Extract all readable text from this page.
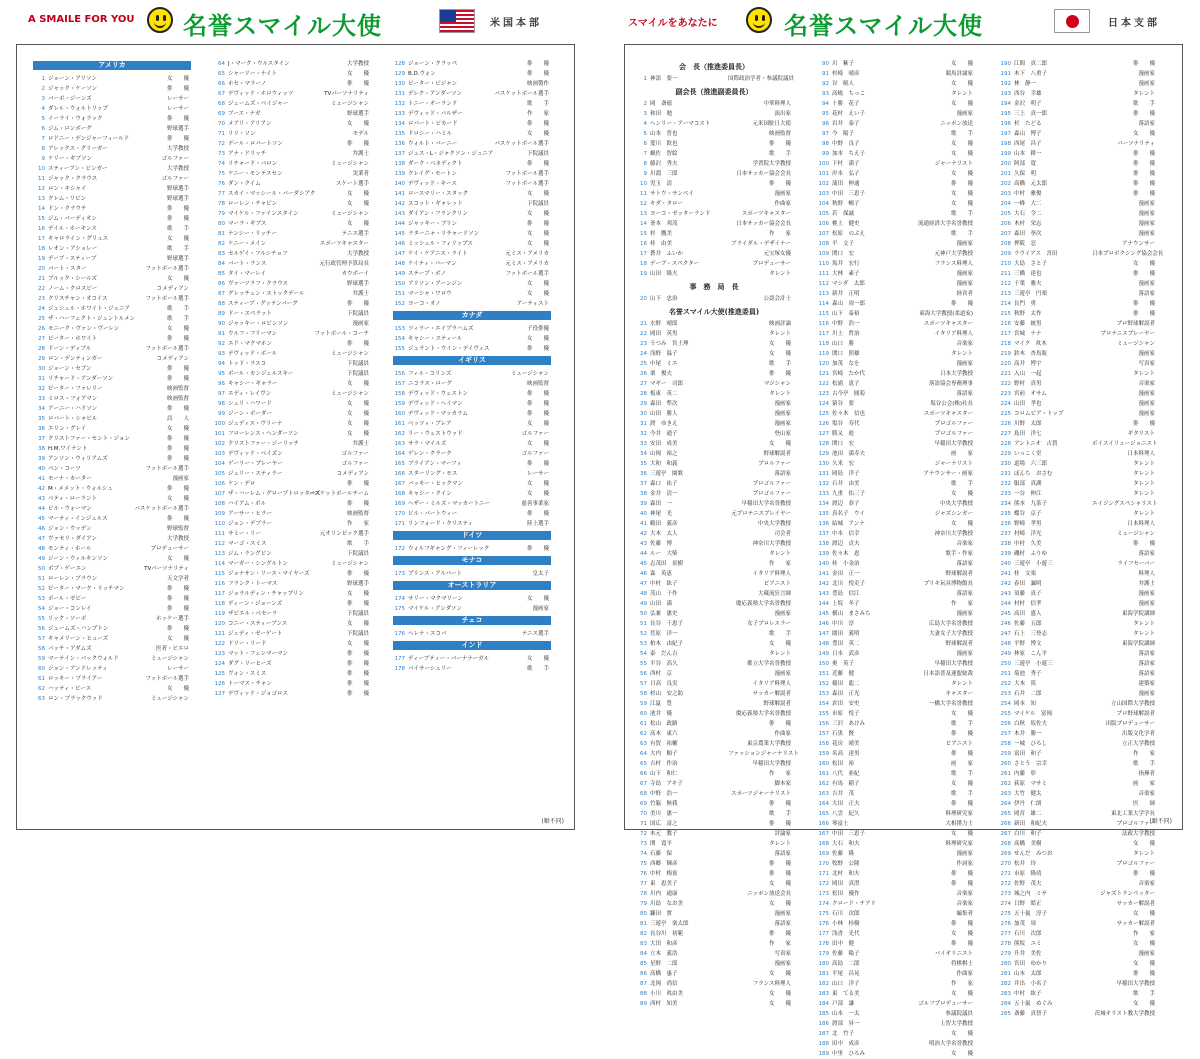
A SMAILE FOR YOU 名誉スマイル大使	米国本部
アメリカ
1 ジョーン・アリソン	女　　優
2 ジャック・ケーソン	俳　　優
3 バーボ・ジーンズ	レーサー
4 ダレル・ウォルトリップ	レーサー
5 イーライ・ウォラック	俳　　優
6 ジム・ロンボーグ	野球選手
7 ロドニー・デンジャーフィールド	俳　　優
8 アレックス・グリーガー	大学教授
9 ケリー・ギブソン	ゴルファー
10 スティーブン・ビンガー	大学教授
11 ジャック・クラウス	ゴルファー
12 ロン・キシャイ	野球選手
13 クレム・リビン	野球選手
14 ドン・クラウチ	俳　　優
15 ジム・バーディオン	俳　　優
16 デイル・ホーキンス	歌　　手
17 キャロライン・グリュス	女　　優
18 レオン・アショレー	歌　　手
19 デーブ・スティーブ	野球選手
20 バート・スター	フットボール選手
21 ブルック・シールズ	女　　優
22 ノーム・クロスビー	コメディアン
23 クリスチャン・オコイス	フットボール選手
24 ジェシェル・ホワイト・ジュニア	歌　　手
25 ザ・ハーフェクト・ジェントルメン	歌　　手
26 モニーク・ヴァン・ヴーレン	女　　優
27 ピーター・ホワイト	俳　　優
28 ドーン・ディブル	フットボール選手
29 ロン・デンティンガー	コメディアン
30 ジョーン・セブン	俳　　優
31 リチャード・アンダーソン	俳　　優
32 ピーター・ファレリー	映画監督
33 ミロス・フォアマン	映画監督
34 アーニー・ハドソン	俳　　優
35 ロバート・シャビル	詩　　人
36 エリン・グレイ	女　　優
37 クリストファー・セント・ジョン	俳　　優
38 H.M.ワイナント	俳　　優
39 アンソン・ウィリアムズ	俳　　優
40 ベン・コーツ	フットボール選手
41 モーナ・カーター	漫画家
42 M・メメット・ウォルシュ	俳　　優
43 ベティ・ローラント	女　　優
44 ビル・ウォーマン	バスケットボール選手
45 マーティ・インジェルス	俳　　優
46 ジョン・ウッデン	野球監督
47 ヴァセリ・ダイアン	大学教授
48 モンティ・ホール	プロデューサー
49 ジーン・ウィルキンソン	女　　優
50 ボブ・ゲーエン	TVパーソナリティ
51 ローレン・ブラウン	天文学者
52 ピーター・マーク・リッチマン	俳　　優
53 ボール・ゼビー	俳　　優
54 ジョー・コンレイ	俳　　優
55 リック・ソーボ	ホッケー選手
56 ジェームズ・ハンプトン	俳　　優
57 キャメリーン・ヒューズ	女　　優
58 パッチ・アダムズ	医者・ピエロ
59 マーテイン・バックウォルド	ミュージシャン
60 ジョン・アンドレッティ	レーサー
61 ロッキー・ブライアー	フットボール選手
62 ハッティ・ビース	女　　優
63 ロン・ブラックウッド	ミュージシャン
64 J・マーク・ウルスタイン	大学教授
65 シャーリー・ナイト	女　　優
66 ホセ・マラーノ	俳　　優
67 デヴィッド・ホロウィッツ	TVパーソナリティ
68 ジェームズ・ベイジャー	ミュージシャン
69 ブース・ナガ	野球選手
70 メアリ・アリアン	女　　優
71 リリ・ソン	モデル
72 デール・ロバートソン	俳　　優
73 アナ・ドリッチ	弁護士
74 リチャード・バロン	ミュージシャン
75 ケニー・モンテスセン	実業者
76 ダン・クイム	スケート選手
77 スカイ・マッシール・バーダシアク	女　　優
78 ローレン・チャビン	女　　優
79 マイケル・ファインスタイン	ミュージシャン
80 マーラ・ギブス	女　　優
81 ナンシー・リッチー	テニス選手
82 ケニー・メイン	スポーツキャスター
83 セルゲイ・フルシチョフ	大学教授
84 バート・ランス	元行政管理予算局長
85 タイ・マーレイ	カウボーイ
86 ヴァーツラフ・クラウス	野球選手
87 グレッチェン・ストックデール	弁護士
88 スティーブ・グッテンバーグ	俳　　優
89 ドー・スペラット	下院議員
90 ジャッキー・ロビンソン	漫画家
91 ウルフ・フリーマン	フットボール・コーチ
92 エド・マクマホン	俳　　優
93 デヴィッド・ボール	ミュージシャン
94 トッド・ラスコ	下院議員
95 ボール・カンジェルスキー	下院議員
96 キャシー・ギャラー	女　　優
97 エディ・レイヴン	ミュージシャン
98 シェリ・ハワード	女　　優
99 ジーン・ボーダー	女　　優
100 ジュディス・ヴリーナ	女　　優
101 フローレンス・ヘンダーソン	女　　優
102 クリストファー・ジーリッチ	弁護士
103 デヴィッド・ベイズン	ゴルファー
104 ゲーリー・プレーヤー	ゴルファー
105 ジェリー・スティラー	コメディアン
106 ケン・デロ	俳　　優
107 ザ・ハーレム・グローブトロッターズ
バスケットボールチーム
108 ハイアム・ボル	俳　　優
109 アーサー・ヒラー	映画監督
110 ジョン・デブラー	作　　家
111 サミー・リー	元オリンピック選手
112 マーゴ・スミス	歌　　手
113 ジム・ラングビン	下院議員
114 マーガー・シングルトン	ミュージシャン
115 ジョナサン・リース・マイヤーズ	俳　　優
116 フランク・トーマス	野球選手
117 ジョラルディン・チャップリン	女　　優
118 ディーン・ジョーンズ	俳　　優
119 ザビエル・ベセーラ	下院議員
120 コニー・スティーブンス	女　　優
121 ジュディ・ゼーゲート	下院議員
122 ドリー・リード	女　　優
123 マット・フェンマーマン	俳　　優
124 ダグ・リーヒーズ	俳　　優
125 ヴォン・スミス	俳　　優
126 トーマス・チャン	俳　　優
127 デヴィッド・ジョゴロス	俳　　優
128 ジョーン・クラッペ	俳　　優
129 B.D.ウォン	俳　　優
130 ピーター・ビジャン	映画製作
131 デレク・アンダーソン	バスケットボール選手
132 トニー・オーランド	歌　　手
133 デヴィッド・バルザー	作　　家
134 ロバート・ビカード	俳　　優
135 ドロシー・ハミル	女　　優
136 ウォルト・バーニー	バスケットボール選手
137 ジェス・L・ジャクソン・ジュニア	下院議員
138 ダーク・ベネディクト	俳　　優
139 クレイグ・モートン	フットボール選手
140 デヴィッド・キース	フットボール選手
141 ロースマリー・スタック	女　　優
142 スコット・ギャレット	下院議員
143 ダイアン・フランクリン	女　　優
144 ジャッキー・ブリン	俳　　優
145 ラターニャ・リチャードソン	女　　優
146 ミッシェル・フィリップス	女　　優
147 ケイ・ケアニス・ライト	元ミス・アメリカ
148 ケイティ・バーマン	元ミス・アメリカ
149 ステーブ・ボノ	フットボール選手
150 アリソン・アーンジン	女　　優
151 マーシャ・ワロウ	女　　優
152 ヨーコ・オノ	アーティスト
カナダ
153 ツィラー・エイブラハムズ	子役俳優
154 キャシー・スティール	女　　優
155 ジェラント・ウイン・デイヴィス	俳　　優
イギリス
156 フィル・コリンズ	ミュージシャン
157 ニコラス・ローグ	映画監督
158 デヴィッド・ウェストン	俳　　優
159 デヴィッド・ヘイマン	俳　　優
160 デヴィッド・マッカラム	俳　　優
161 ベッツィ・ブレア	女　　優
162 リー・ウェストウッド	ゴルファー
163 サラ・マイルズ	女　　優
164 ゲレン・クラーク	ゴルファー
165 ブライアン・マーフィ	俳　　優
166 スターリング・モス	レーサー
167 バッキー・ヒックマン	女　　優
168 キャシー・クイン	女　　優
169 ヘザー・ミルズ・マッカートニー	慈善事業家
170 ビル・バートウィー	俳　　優
171 リンフォード・クリスティ	陸上選手
ドイツ
172 ウォルフギャング・フィーレック	俳　　優
モナコ
173 プリンス・アルバート	皇太子
オーストラリア
174 サリー・マクマリーン	女　　優
175 マイケル・アンダソン	漫画家
チェコ
176 ヘレナ・スコバ	テニス選手
インド
177 ディーブティー・バーナナーガル	女　　優
178 バイサーシュリー	歌　　手
(順不同)
スマイルをあなたに	名誉スマイル大使	日本支部
会　長（推進委員長）
1 神語　要一	国際政治学者・参議院議員
副会長（推進副委員長）
2 岡　斎徳	中華料理人
3 和田　勉	演出家
4 ヘンリー・アーマコスト	元米国駐日大使
5 山本　普也	映画監督
6 愛川　欽也	俳　　優
7 蝋佐　智絵	歌　　手
8 藤沢　秀夫	学習院大学教授
9 川淵　三郎	日本サッカー協会会長
10 児玉　清	俳　　優
11 サトウ・サンペイ	漫画家
12 キダ・タロー	作曲家
13 ヨーコ・ゼッターランド	スポーツキャスター
14 釜本　邦茂	日本サッカー協会会長
15 杉　鷹美	作　　家
16 桂　由美	ブライダル・デザイナー
17 蒼井　ふいか	元宝塚女優
18 デーブ・スペクター	プロデューサー
19 山田　隆夫	タレント
事　務　局　長
20 山下　忠治	公認会計士
名誉スマイル大使(推進委員)
21 水野　晴郎	映画評論
22 岡田　英男	タレント
23 うつみ　宮土理	女　　優
24 浅野　温子	女　　優
25 中尾　ミエ	歌　　手
26 栗　俊夫	俳　　優
27 マギー　司郎	マジシャン
28 板東　英二	タレント
29 森田　準次	漫画家
30 山田　勝人	漫画家
31 渡　ゆきえ	漫画家
32 今井　通子	登山家
33 安田　成美	女　　優
34 山岡　裕之	野球解説者
35 大和　和義	プロルファー
36 三遊亭　園歌	落語家
37 森口　祐子	プロゴルファー
38 金井　清一	プロゴルファー
39 森田　一	早稲田大学名誉教授
40 神尾　光	元プロテニスプレイヤー
41 鶴田　義彦	中央大学教授
42 大木　太人	司会者
43 佐藤　博	神奈川大学教授
44 ルー　大柴	タレント
45 志茂田　景樹	作　　家
46 森　英恵	イタリア料理人
47 中村　紘子	ピアニスト
48 茂山　千作	大蔵流狂言師
49 山田　満	慶応義塾大学名誉教授
50 弘兼　憲史	漫画家
51 長谷　千恵子	女子プロレスラー
52 菅原　洋一	歌　　手
53 柏木　由紀子	女　　優
54 泰　だん吉	タレント
55 平谷　高久	都立大学名誉教授
56 西村　京	漫画家
57 日高　良実	イタリア料理人
58 杉山　安之助	サッカー解説者
59 江夏　豊	野球解説者
60 池井　優	慶応義塾大学名誉教授
61 松山　政路	俳　　優
62 高木　東六	作曲家
63 有賀　祐輔	東京農業大学教授
64 大内　順子	ファッションジャーナリスト
65 吉村　作治	早稲田大学教授
66 山下　和仁	作　　家
67 寺島　アキ子	脚本家
68 中野　浩一	スポーツジャーナリスト
69 竹脇　無我	俳　　優
70 美川　憲一	歌　　手
71 国広　富之	俳　　優
72 木元　教子	評論家
73 関　寛平	タレント
74 石藤　保	落語家
75 西郷　輝彦	俳　　優
76 中村　梅雀	俳　　優
77 東　恵美子	女　　優
78 川内　通康	ニッポン放送会長
79 川島　なお美	女　　優
80 鎌田　實	漫画家
81 三遊亭　楽太郎	落語家
82 長谷川　初範	俳　　優
83 大田　和彦	作　　家
84 立木　義浩	写真家
85 星野　二郎	漫画家
86 高橋　惠子	女　　優
87 北岡　尚信	フランス料理人
88 小川　眞由美	女　　優
89 西村　知美	女　　優
90 川　紫子	女　　優
91 杉崎　晴彦	競馬評論家
92 谷　暁人	女　　優
93 高嶋　ちっこ	タレント
94 十勝　花子	女　　優
95 花村　えい子	漫画家
96 岩井　泰子	ニッポン放送
97 今　陽子	歌　　手
98 中野　良子	女　　優
99 加本　ちえ子	女　　優
100 下村　満子	ジャーナリスト
101 岸本　弘子	女　　優
102 蒲田　伸通	俳　　優
103 中田　三恵子	女　　優
104 秋野　暢子	女　　優
105 若　保誠	歌　　手
106 桃上　健史	流通経済大学名誉教授
107 松原　のぶえ	歌　　手
108 平　文子	漫画家
109 関口　宏	元神戸大学教授
110 坂井　宏行	フランス料理人
111 大林　素子	漫画家
112 マシダ　太郎	漫画家
113 新井　正明	経営者
114 森山　周一郎	俳　　優
115 山下　泰裕	東海大学教授(柔道家)
116 中野　浩一	スポーツキャスター
117 川上　哲治	イタリア料理人
118 山口　勝	音楽家
119 関口　照雄	タレント
120 加茂　なを	漫画家
121 宮崎　たか代	日本大学教授
122 松浦　恵子	落語協会専務理事
123 古今亭　圓菊	落語家
124 猿谷　要	塩谷公会(株)社長
125 佐々木　信也	スポーツキャスター
126 塩谷　寿代	プロゴルファー
127 勝又　進	プロゴルファー
128 関口　宏	早稲田大学教授
129 池田　満寿夫	画　　家
130 久米　宏	ジャーナリスト
131 岡島　洋子	アナウンサー・画家
132 石井　由美	歌　　手
133 九重　佑三子	女　　優
134 渡辺　恭子	中央大学教授
135 真名子　ウイ	ジャズシンガー
136 結城　アンナ	女　　優
137 中本　信幸	神奈川大学教授
138 渡辺　貞夫	音楽家
139 佐々木　恵	歌手・作家
140 桂　小金治	落語家
141 金田　正一	野球解説者
142 北川　悦吏子	プリキ玩具博物館長
143 豊島　信江	落語家
144 上坂　冬子	作　　家
145 横山　まさみち	漫画家
146 中川　淳	広島大学名誉教授
147 園田　義明	大妻女子大学教授
148 豊田　英二	野球解説者
149 日本　武彦	漫画家
150 奥　英子	早稲田大学教授
151 近藤　健	日本語普及連盟総裁
152 稲田　龍二	タレント
153 森田　正光	キャスター
154 倉田　安史	一橋大学名誉教授
155 市原　悦子	女　　優
156 三沢　あけみ	歌　　手
157 石黒　賢	俳　　優
158 花房　晴美	ピアニスト
159 名高　達男	俳　　優
160 松田　裕	画　　家
161 八代　亜紀	歌　　手
162 有馬　稲子	女　　優
163 吉井　茂	歌　　手
164 大田　正夫	俳　　優
165 八雲　紀久	料理研究家
166 琴富士	大相撲力士
167 中田　三恵子	女　　優
168 大石　和夫	料理研究家
169 佐藤　隆	漫画家
170 牧野　公隆	作詞家
171 北村　和夫	俳　　優
172 岡田　真澄	俳　　優
173 松田　優作	音楽家
174 クロード・チアリ	音楽家
175 石川　次郎	編集者
176 小林　桂樹	俳　　優
177 浅香　光代	女　　優
178 田中　健	俳　　優
179 佐藤　陽子	バイオリニスト
180 高島　二郎	将棋棋士
181 平尾　昌晃	作曲家
182 山口　洋子	作　　家
183 東　てる美	女　　優
184 戸部　謙	ゴルフプロデューサー
185 山本　一太	参議院議員
186 渡部　昇一	上智大学教授
187 北　竹子	女　　優
188 田中　成彦	明治大学名誉教授
189 中里　ひろみ	女　　優
190 江間　真二郎	俳　　優
191 木下　八重子	漫画家
192 林　静一	漫画家
193 西谷　幸雄	タレント
194 金沢　明子	歌　　手
195 三上　真一郎	俳　　優
196 杉　たどる	落語家
197 森山　博子	女　　優
198 西尾　昌子	パーソナリティ
199 山本　耕一	俳　　優
200 阿部　寛	俳　　優
201 久保　明	俳　　優
202 高橋　元太郎	俳　　優
203 中村　雅俊	俳　　優
204 一峰　大二	漫画家
205 大石　令二	漫画家
206 木村　栄志	漫画家
207 森田　拳次	漫画家
208 押阪　忍	アナウンサー
209 ラウイアス　宮田	日本プロボクシング協会会長
210 大島　さと子	女　　優
211 三橋　達也	俳　　優
212 千葉　雅夫	漫画家
213 三遊亭　円楽	落語家
214 長門　勇	俳　　優
215 秋野　太作	俳　　優
216 安藤　統男	プロ野球解説者
217 宮城　ナナ	プロテニスプレーヤー
218 マイク　眞木	ミュージシャン
219 鈴木　杏馬瓶	漫画家
220 高井　博宇	写真家
221 入山　一起	タレント
222 野村　真男	音楽家
223 宮前　オサム	漫画家
224 山田　孝也	漫画家
225 コロムビア・トップ	漫画家
226 川野　太郎	俳　　優
227 島田　洋七	ギタリスト
228 アントニオ　古賀	ボイスイリュージョニスト
229 いっこく堂	日本料理人
230 道場　六三郎	タレント
231 ぼんち　おさむ	タレント
232 服部　真湖	タレント
233 一谷　伸江	タレント
234 熊本　九茶子	エイジングスペシャリスト
235 蝶谷　京子	タレント
236 野崎　孝男	日本料理人
237 村崎　洋光	ミュージシャン
238 中村　久美	俳　　優
239 磯村　ふりゆ	落語家
240 三遊亭　小遊三	ライフセーバー
241 桂　文楽	料理人
242 春田　諷明	弁護士
243 須藤　真子	漫画家
244 村村　信孝	漫画家
245 高田　盛人	東海学院講師
246 佐藤　五郎	タレント
247 石上　三登志	タレント
248 平野　博文	東海学院講師
249 林家　こん平	落語家
250 三遊亭　小遊三	落語家
251 菊池　秀子	落語家
252 大木　篤	建築家
253 石井　二郎	漫画家
254 岡本　知	立山国際大学教授
255 マイケル　富岡	プロ野球解説者
256 白秋　坂佐夫	出版プロデューサー
257 木井　勝一	出版文化学者
258 一城　ひろし	立正大学教授
259 富田　和子	作　　家
260 さとう　宗幸	歌　　手
261 内藤　彰	指揮者
262 荻原　マサミ	画　　家
263 大竹　健太	音楽家
264 伊丹　仁朗	医　　師
265 岡宮　雄二	東北工業大学学長
266 新田　和紀夫	プロゴルファー
267 白川　和子	法政大学教授
268 髙橋　美樹	女　　優
269 せんだ　みつお	タレント
270 松井　玲	プロゴルファー
271 市原　隆靖	俳　　優
272 佐野　茂夫	音楽家
273 城之内　ミサ	ジャズトランペッター
274 日野　皓正	サッカー解説者
275 五十嵐　淳子	女　　優
276 加茂　周	サッカー解説者
277 石川　次郎	作　　家
278 熊坂　ユミ	女　　優
279 升井　美佐	漫画家
280 宮田　ゆかり	女　　優
281 山本　太郎	俳　　優
282 井出　小名子	早稲田大学教授
283 中村　紘子	歌　　手
284 五十嵐　めぐみ	女　　優
285 斎藤　真智子	茨城キリスト教大学教授
(順不同)
